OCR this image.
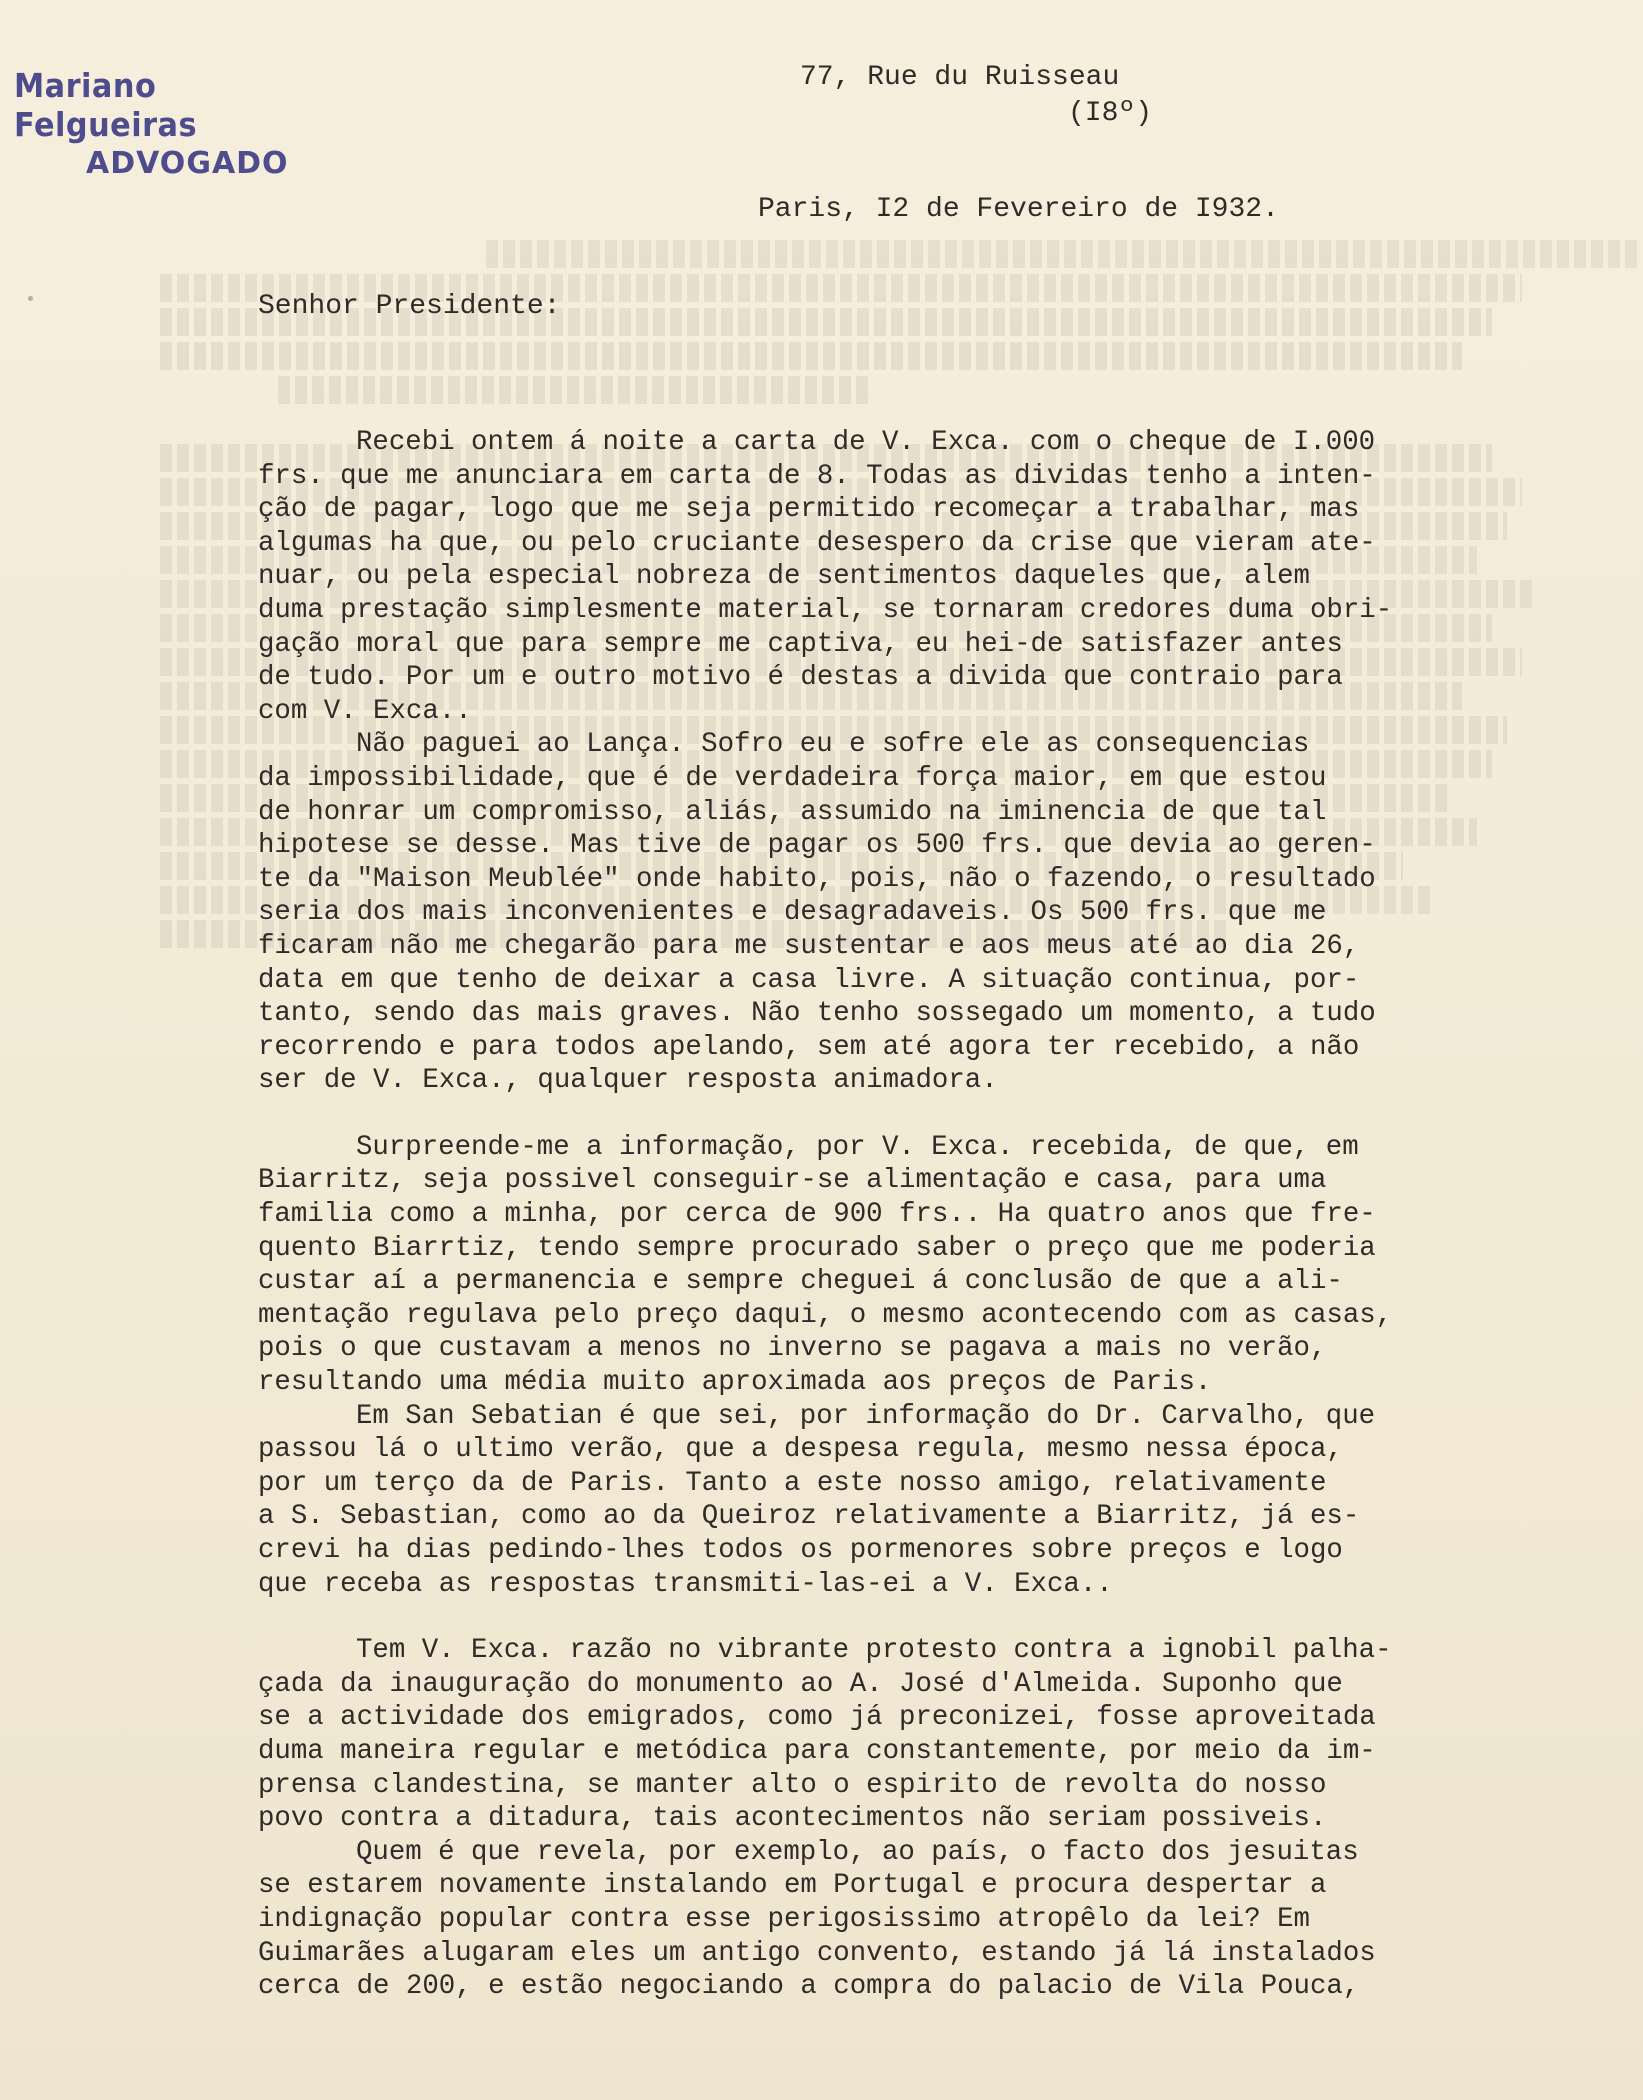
Mariano Felgueiras
ADVOGADO
77, Rue du Ruisseau
(I8º)
Paris, I2 de Fevereiro de I932.
Senhor Presidente:

Recebi ontem á noite a carta de V. Exca. com o cheque de I.000

frs. que me anunciara em carta de 8. Todas as dividas tenho a inten-

ção de pagar, logo que me seja permitido recomeçar a trabalhar, mas

algumas ha que, ou pelo cruciante desespero da crise que vieram ate-

nuar, ou pela especial nobreza de sentimentos daqueles que, alem

duma prestação simplesmente material, se tornaram credores duma obri-

gação moral que para sempre me captiva, eu hei-de satisfazer antes

de tudo. Por um e outro motivo é destas a divida que contraio para

com V. Exca..

Não paguei ao Lança. Sofro eu e sofre ele as consequencias

da impossibilidade, que é de verdadeira força maior, em que estou

de honrar um compromisso, aliás, assumido na iminencia de que tal

hipotese se desse. Mas tive de pagar os 500 frs. que devia ao geren-

te da "Maison Meublée" onde habito, pois, não o fazendo, o resultado

seria dos mais inconvenientes e desagradaveis. Os 500 frs. que me

ficaram não me chegarão para me sustentar e aos meus até ao dia 26,

data em que tenho de deixar a casa livre. A situação continua, por-

tanto, sendo das mais graves. Não tenho sossegado um momento, a tudo

recorrendo e para todos apelando, sem até agora ter recebido, a não

ser de V. Exca., qualquer resposta animadora.

Surpreende-me a informação, por V. Exca. recebida, de que, em

Biarritz, seja possivel conseguir-se alimentação e casa, para uma

familia como a minha, por cerca de 900 frs.. Ha quatro anos que fre-

quento Biarrtiz, tendo sempre procurado saber o preço que me poderia

custar aí a permanencia e sempre cheguei á conclusão de que a ali-

mentação regulava pelo preço daqui, o mesmo acontecendo com as casas,

pois o que custavam a menos no inverno se pagava a mais no verão,

resultando uma média muito aproximada aos preços de Paris.

Em San Sebatian é que sei, por informação do Dr. Carvalho, que

passou lá o ultimo verão, que a despesa regula, mesmo nessa época,

por um terço da de Paris. Tanto a este nosso amigo, relativamente

a S. Sebastian, como ao da Queiroz relativamente a Biarritz, já es-

crevi ha dias pedindo-lhes todos os pormenores sobre preços e logo

que receba as respostas transmiti-las-ei a V. Exca..

Tem V. Exca. razão no vibrante protesto contra a ignobil palha-

çada da inauguração do monumento ao A. José d'Almeida. Suponho que

se a actividade dos emigrados, como já preconizei, fosse aproveitada

duma maneira regular e metódica para constantemente, por meio da im-

prensa clandestina, se manter alto o espirito de revolta do nosso

povo contra a ditadura, tais acontecimentos não seriam possiveis.

Quem é que revela, por exemplo, ao país, o facto dos jesuitas

se estarem novamente instalando em Portugal e procura despertar a

indignação popular contra esse perigosissimo atropêlo da lei? Em

Guimarães alugaram eles um antigo convento, estando já lá instalados

cerca de 200, e estão negociando a compra do palacio de Vila Pouca,
